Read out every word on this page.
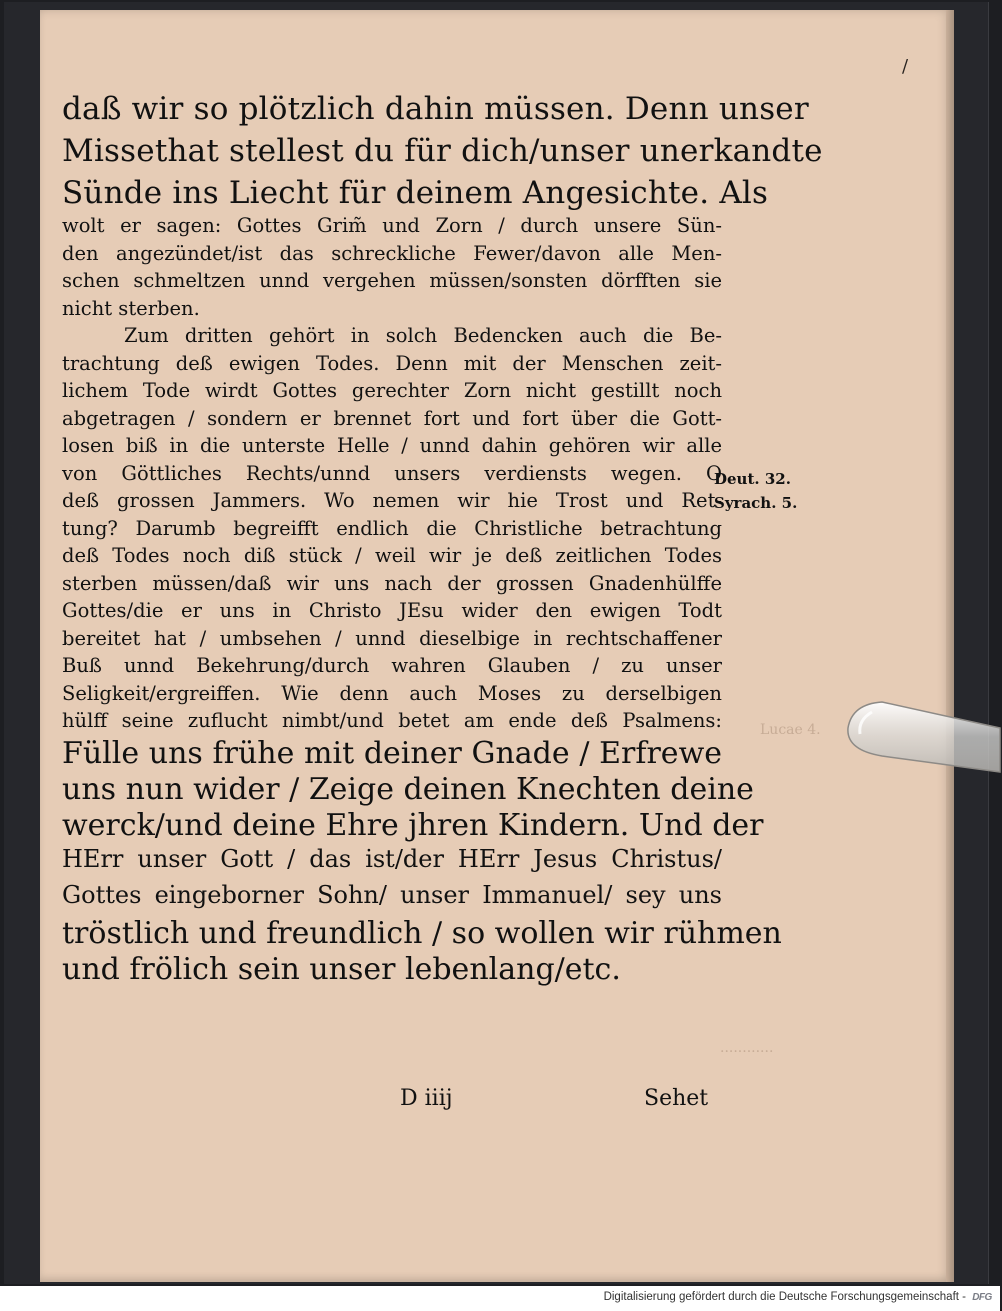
/
Lucae 4.
............
daß wir so plötzlich dahin müssen. Denn unser
Missethat stellest du für dich/unser unerkandte
Sünde ins Liecht für deinem Angesichte. Als
wolt er sagen: Gottes Grim̃ und Zorn / durch unsere Sün-
den angezündet/ist das schreckliche Fewer/davon alle Men-
schen schmeltzen unnd vergehen müssen/sonsten dörfften sie
nicht sterben.
Zum dritten gehört in solch Bedencken auch die Be-
trachtung deß ewigen Todes. Denn mit der Menschen zeit-
lichem Tode wirdt Gottes gerechter Zorn nicht gestillt noch
abgetragen / sondern er brennet fort und fort über die Gott-
losen biß in die unterste Helle / unnd dahin gehören wir alle
von Göttliches Rechts/unnd unsers verdiensts wegen. O
deß grossen Jammers. Wo nemen wir hie Trost und Ret-
tung? Darumb begreifft endlich die Christliche betrachtung
deß Todes noch diß stück / weil wir je deß zeitlichen Todes
sterben müssen/daß wir uns nach der grossen Gnadenhülffe
Gottes/die er uns in Christo JEsu wider den ewigen Todt
bereitet hat / umbsehen / unnd dieselbige in rechtschaffener
Buß unnd Bekehrung/durch wahren Glauben / zu unser
Seligkeit/ergreiffen. Wie denn auch Moses zu derselbigen
hülff seine zuflucht nimbt/und betet am ende deß Psalmens:
Fülle uns frühe mit deiner Gnade / Erfrewe
uns nun wider / Zeige deinen Knechten deine
werck/und deine Ehre jhren Kindern. Und der
HErr unser Gott / das ist/der HErr Jesus Christus/
Gottes eingeborner Sohn/ unser Immanuel/ sey uns
tröstlich und freundlich / so wollen wir rühmen
und frölich sein unser lebenlang/etc.
Deut. 32.
Syrach. 5.
D iiij	Sehet
Digitalisierung gefördert durch die Deutsche Forschungsgemeinschaft - DFG
